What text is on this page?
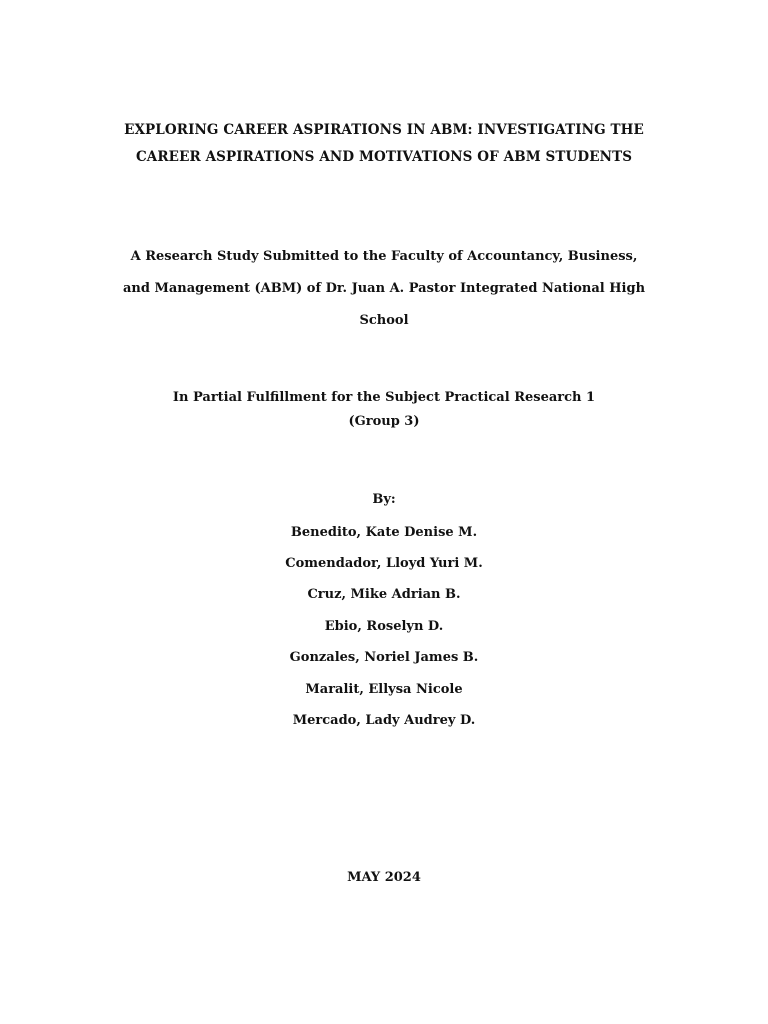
EXPLORING CAREER ASPIRATIONS IN ABM: INVESTIGATING THE
CAREER ASPIRATIONS AND MOTIVATIONS OF ABM STUDENTS
A Research Study Submitted to the Faculty of Accountancy, Business,
and Management (ABM) of Dr. Juan A. Pastor Integrated National High
School
In Partial Fulfillment for the Subject Practical Research 1
(Group 3)
By:
Benedito, Kate Denise M.
Comendador, Lloyd Yuri M.
Cruz, Mike Adrian B.
Ebio, Roselyn D.
Gonzales, Noriel James B.
Maralit, Ellysa Nicole
Mercado, Lady Audrey D.
MAY 2024
